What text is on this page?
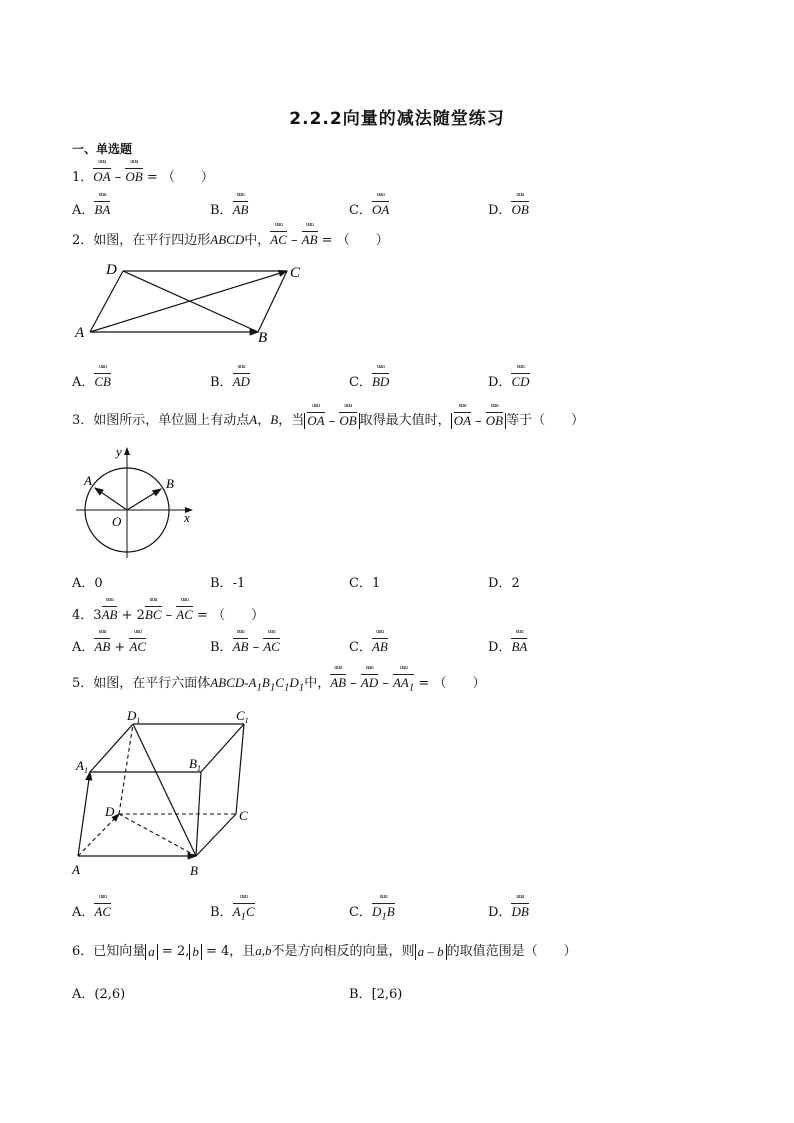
2.2.2向量的减法随堂练习
一、单选题
1．OA uuu – OB uuu = （　　）
A．BA uuu	B．AB uuu	C．OA uuu	D．OB uuu
2．如图，在平行四边形ABCD中，AC uuu – AB uuu = （　　）
D	C
A	B
A．CB uuu	B．AD uuu	C．BD uuu	D．CD uuu
3．如图所示，单位圆上有动点A，B，当 OA uuu – OB uuu 取得最大值时， OA uuu – OB uuu 等于（　　）
y
x
O
A	B
A．0	B．-1	C．1	D．2
4．3AB uuu + 2BC uuu – AC uuu = （　　）
A．AB uuu + AC uuu	B．AB uuu – AC uuu	C．AB uuu	D．BA uuu
5．如图，在平行六面体ABCD-$A_1B_1C_1D_1$中，AB uuu – AD uuu – $AA_1$ uuu = （　　）
A	B
C
D
$A_1$	$B_1$
$C_1$
$D_1$
A．AC uuu	B．$A_1C$ uuu	C．$D_1B$ uuu	D．DB uuu
6．已知向量 a = 2, b = 4，且a,b不是方向相反的向量，则 a – b 的取值范围是（　　）
A．(2,6)	B．[2,6)
